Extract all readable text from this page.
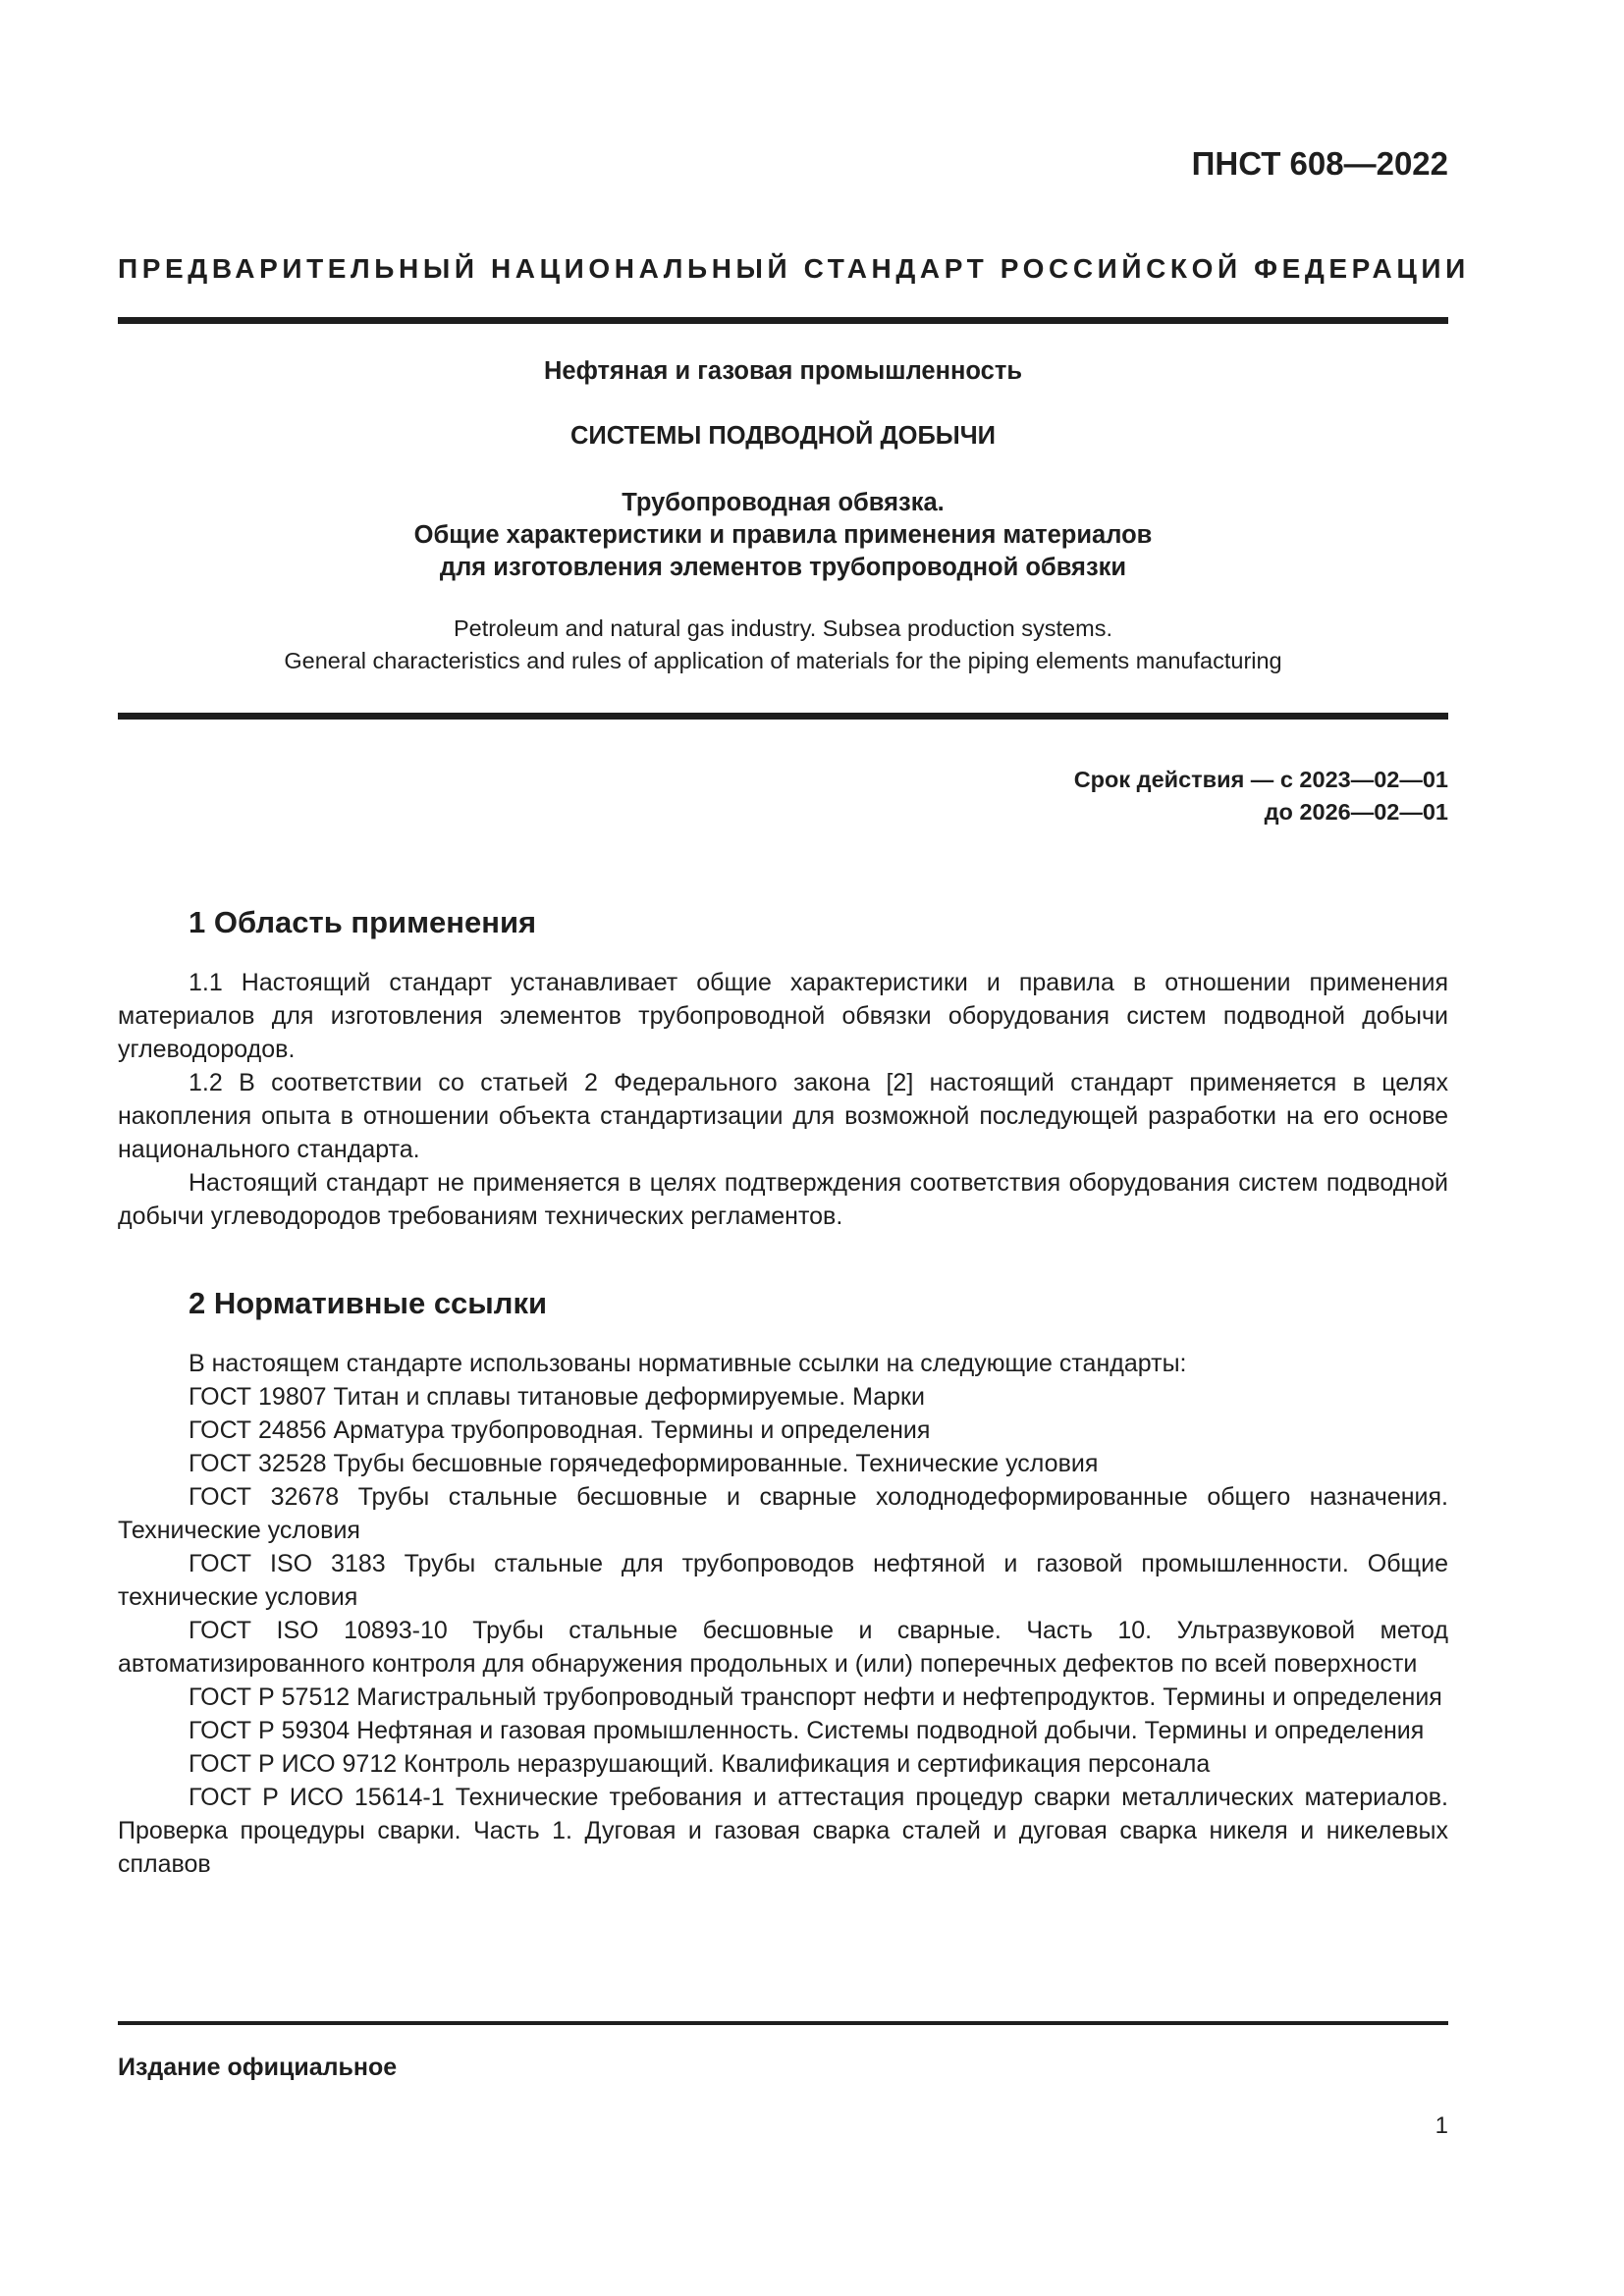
ПНСТ 608—2022
ПРЕДВАРИТЕЛЬНЫЙ НАЦИОНАЛЬНЫЙ СТАНДАРТ РОССИЙСКОЙ ФЕДЕРАЦИИ
Нефтяная и газовая промышленность
СИСТЕМЫ ПОДВОДНОЙ ДОБЫЧИ
Трубопроводная обвязка.
Общие характеристики и правила применения материалов
для изготовления элементов трубопроводной обвязки
Petroleum and natural gas industry. Subsea production systems.
General characteristics and rules of application of materials for the piping elements manufacturing
Срок действия — с 2023—02—01
до 2026—02—01
1 Область применения

1.1 Настоящий стандарт устанавливает общие характеристики и правила в отношении применения материалов для изготовления элементов трубопроводной обвязки оборудования систем подводной добычи углеводородов.

1.2 В соответствии со статьей 2 Федерального закона [2] настоящий стандарт применяется в целях накопления опыта в отношении объекта стандартизации для возможной последующей разработки на его основе национального стандарта.

Настоящий стандарт не применяется в целях подтверждения соответствия оборудования систем подводной добычи углеводородов требованиям технических регламентов.

2 Нормативные ссылки

В настоящем стандарте использованы нормативные ссылки на следующие стандарты:

ГОСТ 19807 Титан и сплавы титановые деформируемые. Марки

ГОСТ 24856 Арматура трубопроводная. Термины и определения

ГОСТ 32528 Трубы бесшовные горячедеформированные. Технические условия

ГОСТ 32678 Трубы стальные бесшовные и сварные холоднодеформированные общего назначения. Технические условия

ГОСТ ISO 3183 Трубы стальные для трубопроводов нефтяной и газовой промышленности. Общие технические условия

ГОСТ ISO 10893-10 Трубы стальные бесшовные и сварные. Часть 10. Ультразвуковой метод автоматизированного контроля для обнаружения продольных и (или) поперечных дефектов по всей поверхности

ГОСТ Р 57512 Магистральный трубопроводный транспорт нефти и нефтепродуктов. Термины и определения

ГОСТ Р 59304 Нефтяная и газовая промышленность. Системы подводной добычи. Термины и определения

ГОСТ Р ИСО 9712 Контроль неразрушающий. Квалификация и сертификация персонала

ГОСТ Р ИСО 15614-1 Технические требования и аттестация процедур сварки металлических материалов. Проверка процедуры сварки. Часть 1. Дуговая и газовая сварка сталей и дуговая сварка никеля и никелевых сплавов

Издание официальное
1
